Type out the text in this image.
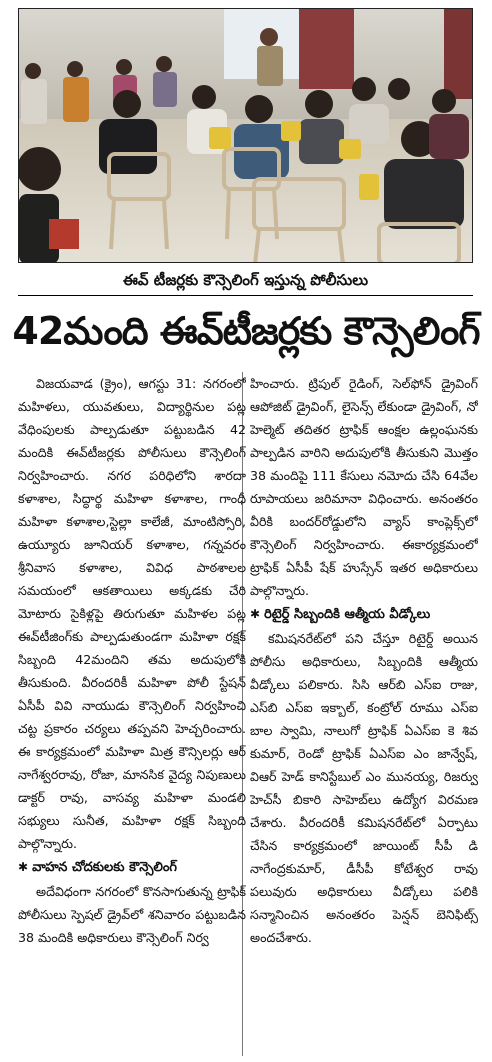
ఈవ్ టీజర్లకు కౌన్సెలింగ్ ఇస్తున్న పోలీసులు
42మంది ఈవ్‌టీజర్లకు కౌన్సెలింగ్

విజయవాడ (క్రైం), ఆగస్టు 31: నగరంలో మహిళలు, యువతులు, విద్యార్థినుల పట్ల వేధింపులకు పాల్పడుతూ పట్టుబడిన 42 మందికి ఈవ్‌టీజర్లకు పోలీసులు కౌన్సెలింగ్ నిర్వహించారు. నగర పరిధిలోని శారదా కళాశాల, సిద్ధార్థ మహిళా కళాశాల, గాంధీ మహిళా కళాశాల,స్టెల్లా కాలేజీ, మాంటిస్సోరి, ఉయ్యూరు జూనియర్ కళాశాల, గన్నవరం శ్రీనివాస కళాశాల, వివిధ పాఠశాలల సమయంలో ఆకతాయిలు అక్కడకు చేరి మోటారు సైకిళ్లపై తిరుగుతూ మహిళల పట్ల ఈవ్‌టీజింగ్‌కు పాల్పడుతుండగా మహిళా రక్షక్ సిబ్బంది 42మందిని తమ అదుపులోకి తీసుకుంది. వీరందరికీ మహిళా పోలీ స్టేషన్ ఏసీపీ వివి నాయుడు కౌన్సెలింగ్ నిర్వహించి చట్ట ప్రకారం చర్యలు తప్పవని హెచ్చరించారు. ఈ కార్యక్రమంలో మహిళా మిత్ర కౌన్సిలర్లు ఆర్ నాగేశ్వరరావు, రోజా, మానసిక వైద్య నిపుణులు డాక్టర్ రావు, వాసవ్య మహిళా మండలి సభ్యులు సునీత, మహిళా రక్షక్ సిబ్బంది పాల్గొన్నారు.

✱ వాహన చోదకులకు కౌన్సెలింగ్

అదేవిధంగా నగరంలో కొనసాగుతున్న ట్రాఫిక్ పోలీసులు స్పెషల్ డ్రైవ్‌లో శనివారం పట్టుబడిన 38 మందికి అధికారులు కౌన్సెలింగ్ నిర్వ

హించారు. ట్రిపుల్ రైడింగ్, సెల్‌ఫోన్ డ్రైవింగ్ ఆపోజిట్ డ్రైవింగ్, లైసెన్స్ లేకుండా డ్రైవింగ్, నో హెల్మెట్ తదితర ట్రాఫిక్ ఆంక్షల ఉల్లంఘనకు పాల్పడిన వారిని అదుపులోకి తీసుకుని మొత్తం 38 మందిపై 111 కేసులు నమోదు చేసి 64వేల రూపాయలు జరిమానా విధించారు. అనంతరం వీరికి బందర్‌రోడ్డులోని వ్యాస్ కాంప్లెక్స్‌లో కౌన్సెలింగ్ నిర్వహించారు. ఈకార్యక్రమంలో ట్రాఫిక్ ఏసీపీ షేక్ హుస్సేన్ ఇతర అధికారులు పాల్గొన్నారు.

✱ రిటైర్డ్ సిబ్బందికి ఆత్మీయ వీడ్కోలు

కమిషనరేట్‌లో పని చేస్తూ రిటైర్డ్ అయిన పోలీసు అధికారులు, సిబ్బందికి ఆత్మీయ వీడ్కోలు పలికారు. సిసి ఆర్‌బి ఎస్‌ఐ రాజు, ఎస్‌బి ఎస్‌ఐ ఇక్బాల్, కంట్రోల్ రూము ఎస్‌ఐ బాల స్వామి, నాలుగో ట్రాఫిక్ ఏఎస్‌ఐ కె శివ కుమార్, రెండో ట్రాఫిక్ ఏఎస్‌ఐ ఎం జాన్వేష్, విఆర్ హెడ్ కానిస్టేబుల్ ఎం మునయ్య, రిజర్వు హెచ్‌సీ బికారి సాహెబ్‌లు ఉద్యోగ విరమణ చేశారు. వీరందరికీ కమిషనరేట్‌లో ఏర్పాటు చేసిన కార్యక్రమంలో జాయింట్ సీపీ డి నాగేంద్రకుమార్, డీసీపీ కోటేశ్వర రావు పలువురు అధికారులు వీడ్కోలు పలికి సన్మానించిన అనంతరం పెన్షన్ బెనిఫిట్స్ అందచేశారు.
